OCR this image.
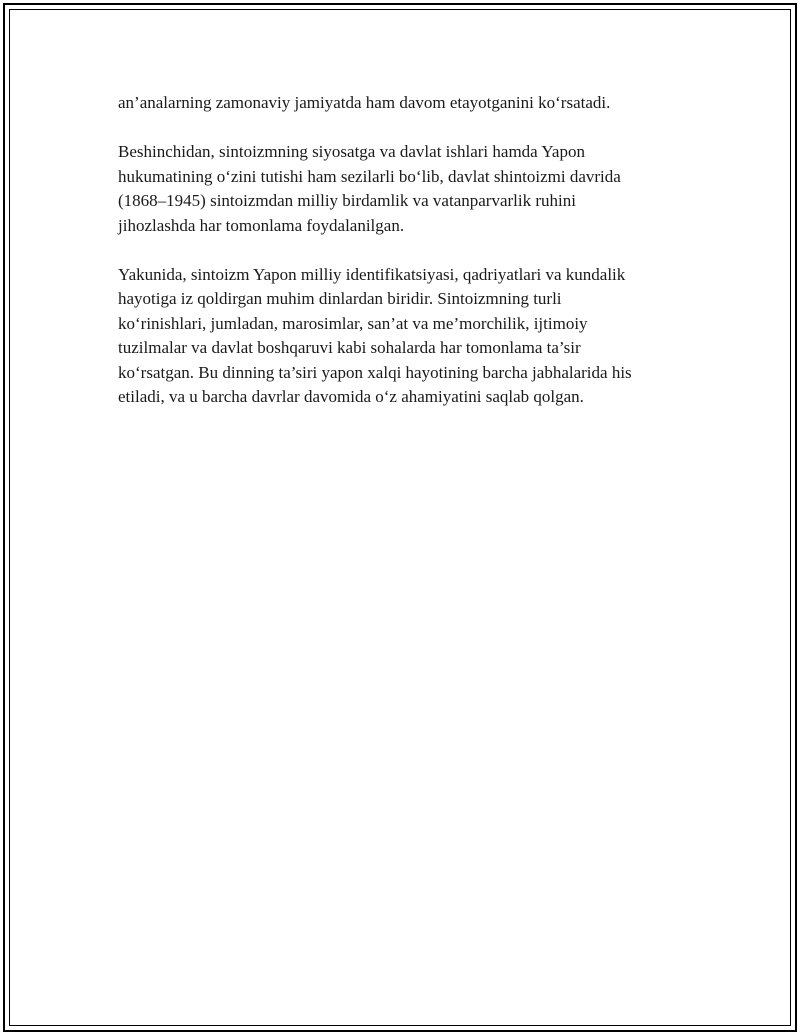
an’analarning zamonaviy jamiyatda ham davom etayotganini ko‘rsatadi.

Beshinchidan, sintoizmning siyosatga va davlat ishlari hamda Yapon
hukumatining o‘zini tutishi ham sezilarli bo‘lib, davlat shintoizmi davrida
(1868–1945) sintoizmdan milliy birdamlik va vatanparvarlik ruhini
jihozlashda har tomonlama foydalanilgan.

Yakunida, sintoizm Yapon milliy identifikatsiyasi, qadriyatlari va kundalik
hayotiga iz qoldirgan muhim dinlardan biridir. Sintoizmning turli
ko‘rinishlari, jumladan, marosimlar, san’at va me’morchilik, ijtimoiy
tuzilmalar va davlat boshqaruvi kabi sohalarda har tomonlama ta’sir
ko‘rsatgan. Bu dinning ta’siri yapon xalqi hayotining barcha jabhalarida his
etiladi, va u barcha davrlar davomida o‘z ahamiyatini saqlab qolgan.
